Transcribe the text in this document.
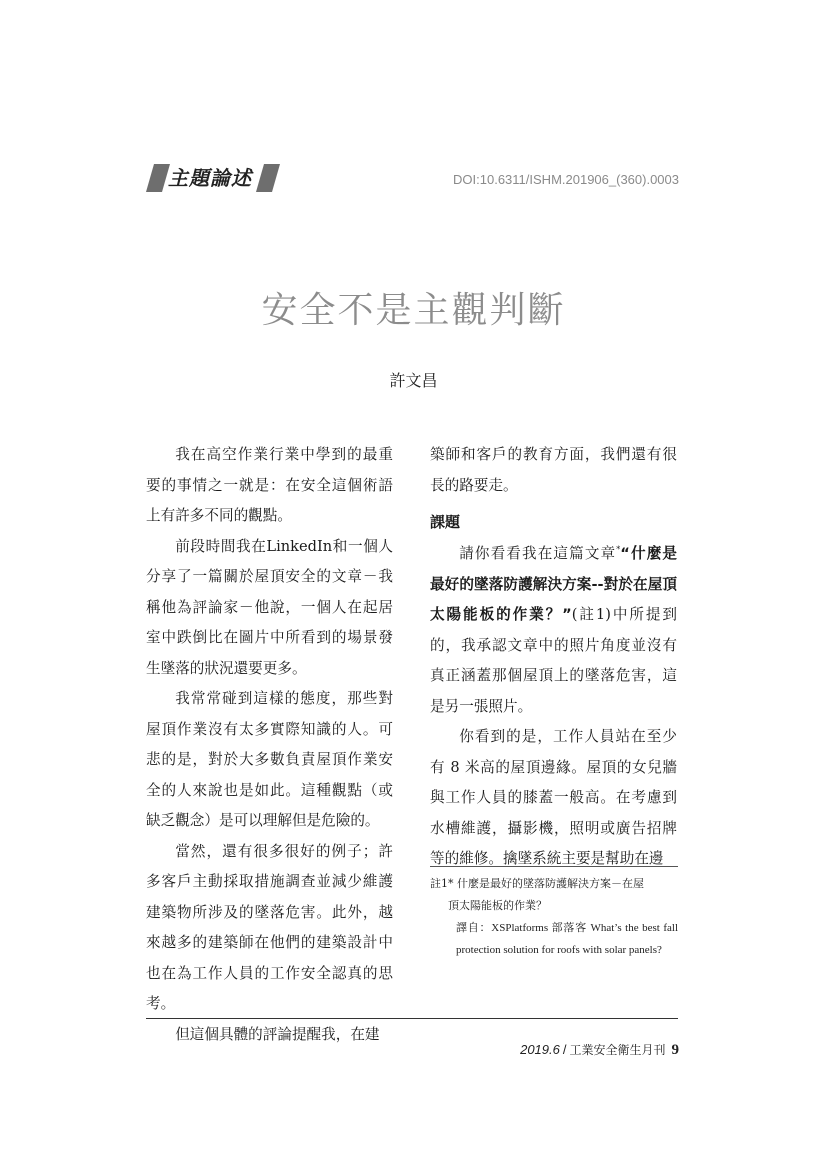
主題論述	DOI:10.6311/ISHM.201906_(360).0003
安全不是主觀判斷
許文昌

我在高空作業行業中學到的最重要的事情之一就是：在安全這個術語上有許多不同的觀點。

前段時間我在LinkedIn和一個人分享了一篇關於屋頂安全的文章－我稱他為評論家－他說，一個人在起居室中跌倒比在圖片中所看到的場景發生墜落的狀況還要更多。

我常常碰到這樣的態度，那些對屋頂作業沒有太多實際知識的人。可悲的是，對於大多數負責屋頂作業安全的人來說也是如此。這種觀點（或缺乏觀念）是可以理解但是危險的。

當然，還有很多很好的例子；許多客戶主動採取措施調查並減少維護建築物所涉及的墜落危害。此外，越來越多的建築師在他們的建築設計中也在為工作人員的工作安全認真的思考。

但這個具體的評論提醒我，在建

築師和客戶的教育方面，我們還有很長的路要走。

課題

請你看看我在這篇文章*“什麼是最好的墜落防護解決方案--對於在屋頂太陽能板的作業？”(註1)中所提到的，我承認文章中的照片角度並沒有真正涵蓋那個屋頂上的墜落危害，這是另一張照片。

你看到的是，工作人員站在至少有 8 米高的屋頂邊緣。屋頂的女兒牆與工作人員的膝蓋一般高。在考慮到水槽維護，攝影機，照明或廣告招牌等的維修。擒墜系統主要是幫助在邊

註1* 什麼是最好的墜落防護解決方案－在屋

頂太陽能板的作業？

譯自：XSPlatforms 部落客 What’s the best fall protection solution for roofs with solar panels?

2019.6 / 工業安全衛生月刊 9
